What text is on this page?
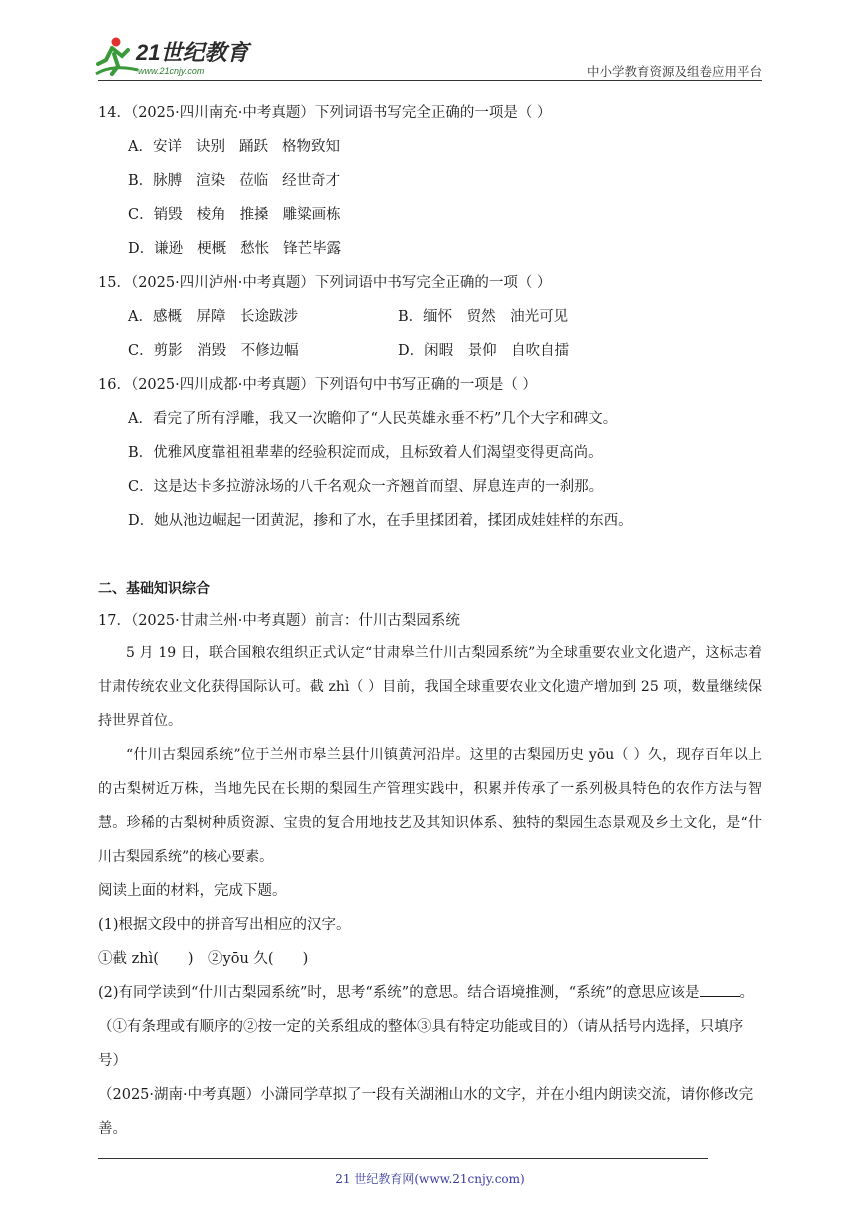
21世纪教育
www.21cnjy.com	中小学教育资源及组卷应用平台
14．（2025·四川南充·中考真题）下列词语书写完全正确的一项是（ ）
A．安详 诀别 踊跃 格物致知
B．脉膊 渲染 莅临 经世奇才
C．销毁 棱角 推搡 雕粱画栋
D．谦逊 梗概 愁怅 锋芒毕露
15．（2025·四川泸州·中考真题）下列词语中书写完全正确的一项（ ）
A．感概　屏障　长途跋涉	B．缅怀　贸然　油光可见
C．剪影　消毁　不修边幅	D．闲暇　景仰　自吹自擂
16．（2025·四川成都·中考真题）下列语句中书写正确的一项是（ ）
A．看完了所有浮雕，我又一次瞻仰了“人民英雄永垂不朽”几个大字和碑文。
B．优雅风度靠祖祖辈辈的经验积淀而成，且标致着人们渴望变得更高尚。
C．这是达卡多拉游泳场的八千名观众一齐翘首而望、屏息连声的一刹那。
D．她从池边崛起一团黄泥，掺和了水，在手里揉团着，揉团成娃娃样的东西。
二、基础知识综合
17．（2025·甘肃兰州·中考真题）前言：什川古梨园系统
5 月 19 日，联合国粮农组织正式认定“甘肃皋兰什川古梨园系统”为全球重要农业文化遗产，这标志着甘肃传统农业文化获得国际认可。截 zhì（ ）目前，我国全球重要农业文化遗产增加到 25 项，数量继续保持世界首位。
“什川古梨园系统”位于兰州市皋兰县什川镇黄河沿岸。这里的古梨园历史 yōu（ ）久，现存百年以上的古梨树近万株，当地先民在长期的梨园生产管理实践中，积累并传承了一系列极具特色的农作方法与智慧。珍稀的古梨树种质资源、宝贵的复合用地技艺及其知识体系、独特的梨园生态景观及乡土文化，是“什川古梨园系统”的核心要素。
阅读上面的材料，完成下题。
(1)根据文段中的拼音写出相应的汉字。
①截 zhì(　　)　②yōu 久(　　)
(2)有同学读到“什川古梨园系统”时，思考“系统”的意思。结合语境推测，“系统”的意思应该是	。（①有条理或有顺序的②按一定的关系组成的整体③具有特定功能或目的）（请从括号内选择，只填序号）
（2025·湖南·中考真题）小潇同学草拟了一段有关湖湘山水的文字，并在小组内朗读交流，请你修改完善。
21 世纪教育网(www.21cnjy.com)
